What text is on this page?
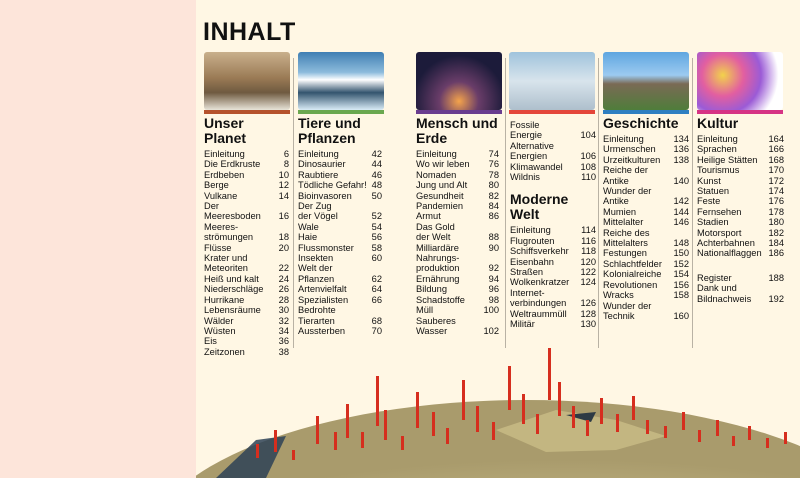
INHALT
Unser Planet
Einleitung	6
Die Erdkruste	8
Erdbeben	10
Berge	12
Vulkane	14
Der Meeresboden	16
Meeres-
strömungen	18
Flüsse	20
Krater und
Meteoriten	22
Heiß und kalt	24
Niederschläge	26
Hurrikane	28
Lebensräume	30
Wälder	32
Wüsten	34
Eis	36
Zeitzonen	38
Tiere und Pflanzen
Einleitung	42
Dinosaurier	44
Raubtiere	46
Tödliche Gefahr! 48
Bioinvasoren	50
Der Zug
der Vögel	52
Wale	54
Haie	56
Flussmonster	58
Insekten	60
Welt der
Pflanzen	62
Artenvielfalt	64
Spezialisten	66
Bedrohte
Tierarten	68
Aussterben	70
Mensch und Erde
Einleitung	74
Wo wir leben	76
Nomaden	78
Jung und Alt	80
Gesundheit	82
Pandemien	84
Armut	86
Das Gold
der Welt	88
Milliardäre	90
Nahrungs-
produktion	92
Ernährung	94
Bildung	96
Schadstoffe	98
Müll	100
Sauberes Wasser	102
Fossile
Energie	104
Alternative
Energien	106
Klimawandel	108
Wildnis	110
Moderne Welt
Einleitung	114
Flugrouten	116
Schiffsverkehr	118
Eisenbahn	120
Straßen	122
Wolkenkratzer	124
Internet-
verbindungen	126
Weltraummüll	128
Militär	130
Geschichte
Einleitung	134
Urmenschen	136
Urzeitkulturen	138
Reiche der
Antike	140
Wunder der
Antike	142
Mumien	144
Mittelalter	146
Reiche des
Mittelalters	148
Festungen	150
Schlachtfelder	152
Kolonialreiche	154
Revolutionen	156
Wracks	158
Wunder der
Technik	160
Kultur
Einleitung	164
Sprachen	166
Heilige Stätten	168
Tourismus	170
Kunst	172
Statuen	174
Feste	176
Fernsehen	178
Stadien	180
Motorsport	182
Achterbahnen	184
Nationalflaggen 186
Register	188
Dank und
Bildnachweis	192
